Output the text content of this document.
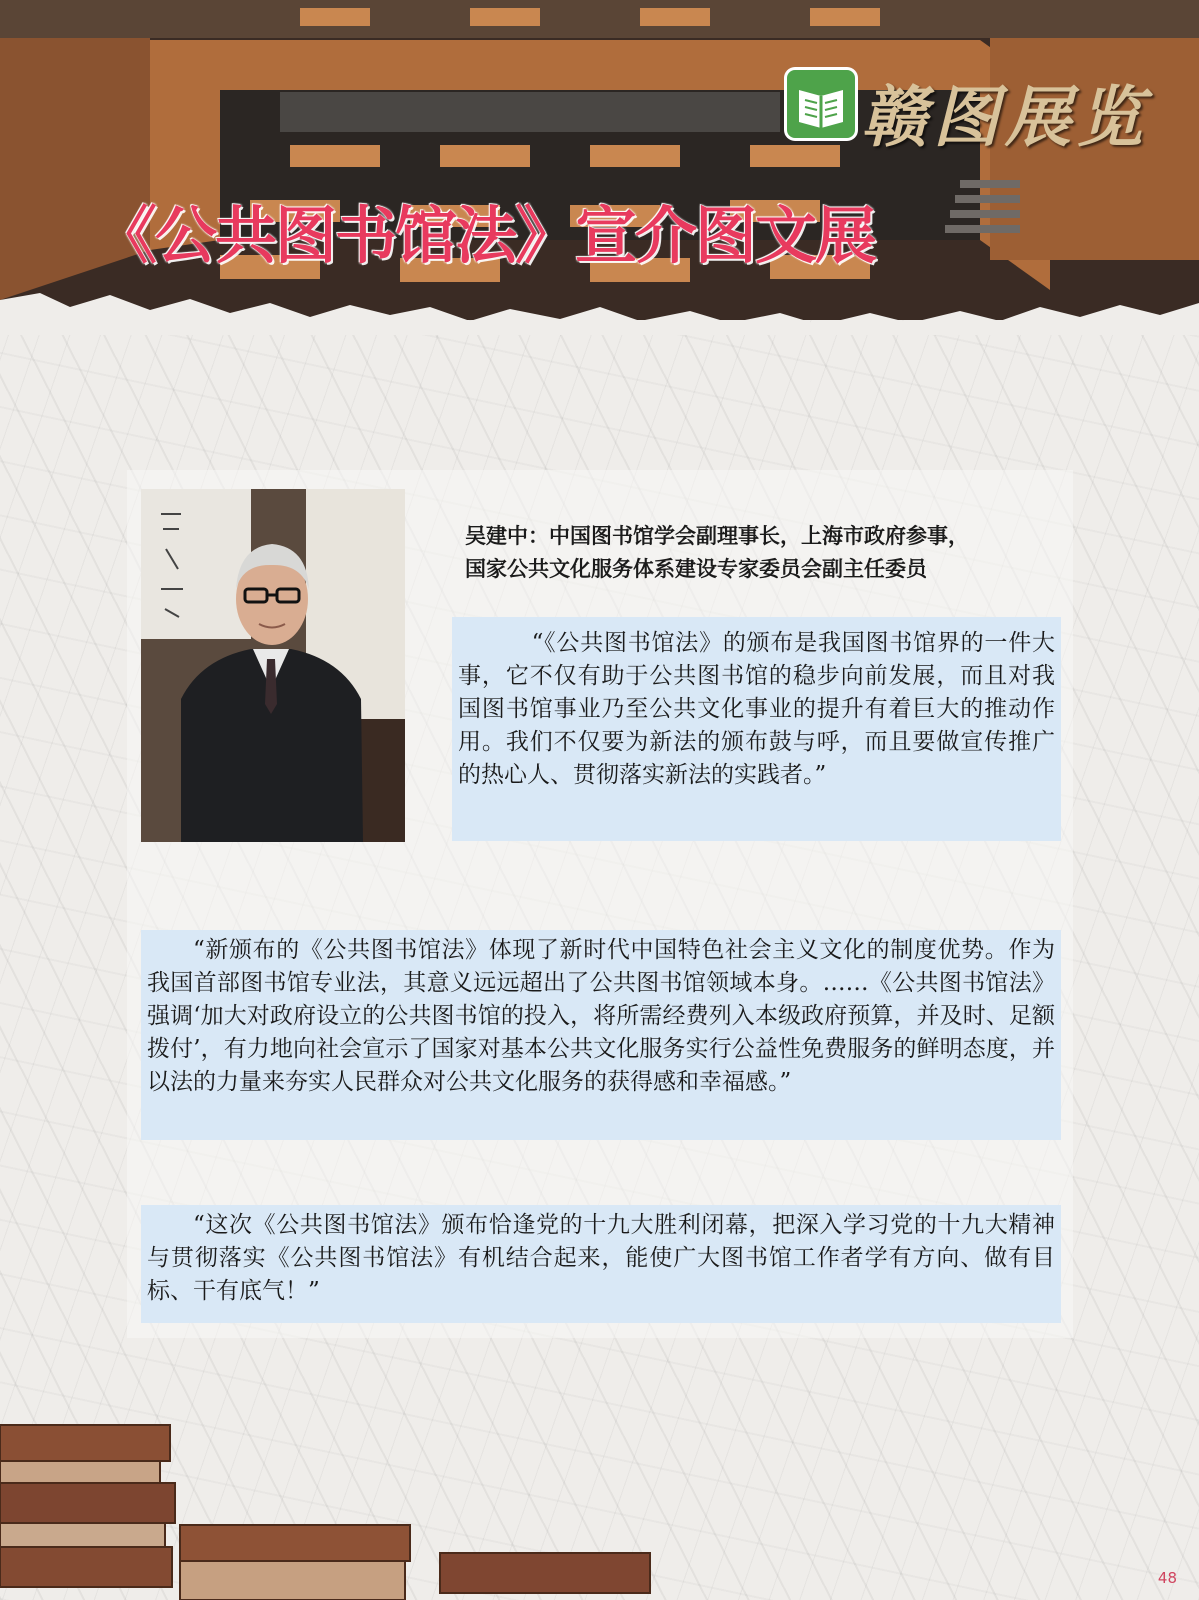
赣图展览
《公共图书馆法》宣介图文展
吴建中：中国图书馆学会副理事长，上海市政府参事，
国家公共文化服务体系建设专家委员会副主任委员
“《公共图书馆法》的颁布是我国图书馆界的一件大事，它不仅有助于公共图书馆的稳步向前发展，而且对我国图书馆事业乃至公共文化事业的提升有着巨大的推动作用。我们不仅要为新法的颁布鼓与呼，而且要做宣传推广的热心人、贯彻落实新法的实践者。”
“新颁布的《公共图书馆法》体现了新时代中国特色社会主义文化的制度优势。作为我国首部图书馆专业法，其意义远远超出了公共图书馆领域本身。……《公共图书馆法》强调‘加大对政府设立的公共图书馆的投入，将所需经费列入本级政府预算，并及时、足额拨付’，有力地向社会宣示了国家对基本公共文化服务实行公益性免费服务的鲜明态度，并以法的力量来夯实人民群众对公共文化服务的获得感和幸福感。”
“这次《公共图书馆法》颁布恰逢党的十九大胜利闭幕，把深入学习党的十九大精神与贯彻落实《公共图书馆法》有机结合起来，能使广大图书馆工作者学有方向、做有目标、干有底气！”
48
